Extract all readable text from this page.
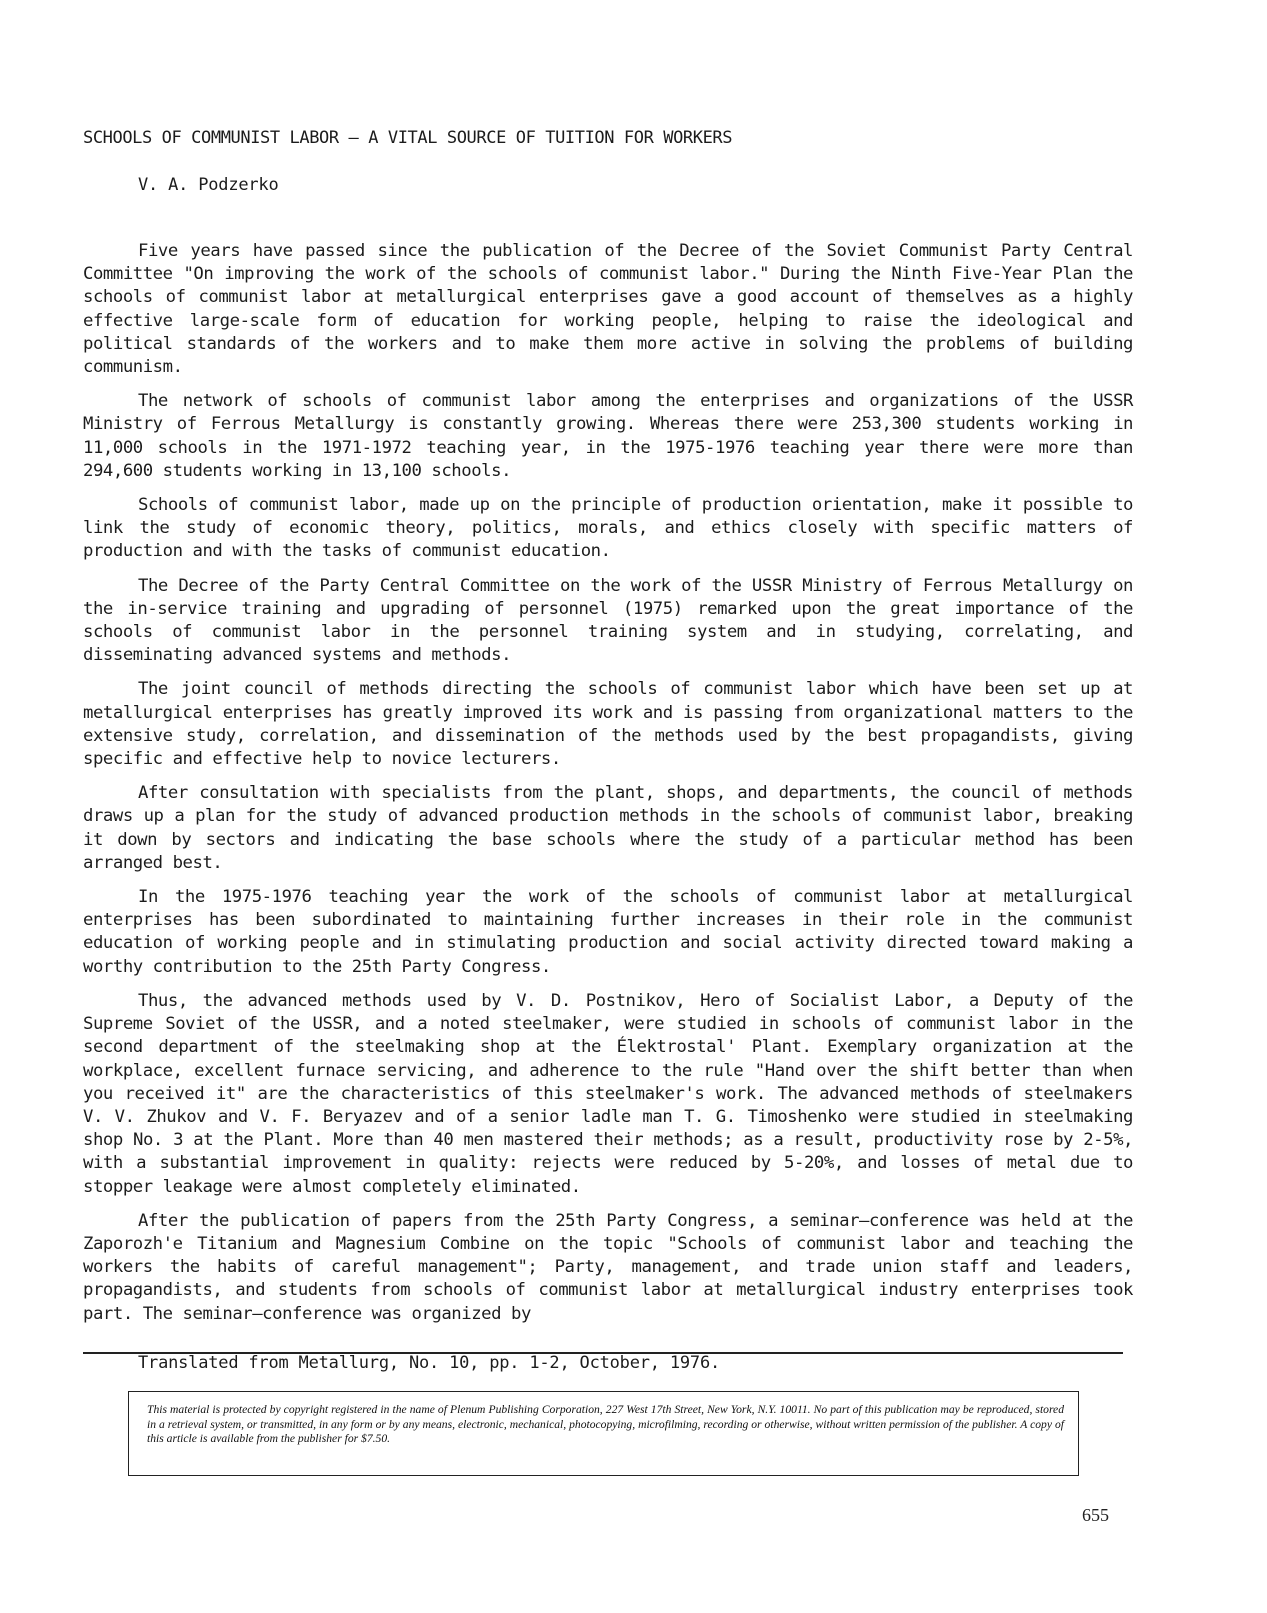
SCHOOLS OF COMMUNIST LABOR — A VITAL SOURCE OF TUITION FOR WORKERS
V. A. Podzerko

Five years have passed since the publication of the Decree of the Soviet Communist Party Central Committee "On improving the work of the schools of communist labor." During the Ninth Five-Year Plan the schools of communist labor at metallurgical enterprises gave a good account of themselves as a highly effective large-scale form of education for working people, helping to raise the ideological and political standards of the workers and to make them more active in solving the problems of building communism.

The network of schools of communist labor among the enterprises and organizations of the USSR Ministry of Ferrous Metallurgy is constantly growing. Whereas there were 253,300 students working in 11,000 schools in the 1971-1972 teaching year, in the 1975-1976 teaching year there were more than 294,600 students working in 13,100 schools.

Schools of communist labor, made up on the principle of production orientation, make it possible to link the study of economic theory, politics, morals, and ethics closely with specific matters of production and with the tasks of communist education.

The Decree of the Party Central Committee on the work of the USSR Ministry of Ferrous Metallurgy on the in-service training and upgrading of personnel (1975) remarked upon the great importance of the schools of communist labor in the personnel training system and in studying, correlating, and disseminating advanced systems and methods.

The joint council of methods directing the schools of communist labor which have been set up at metallurgical enterprises has greatly improved its work and is passing from organizational matters to the extensive study, correlation, and dissemination of the methods used by the best propagandists, giving specific and effective help to novice lecturers.

After consultation with specialists from the plant, shops, and departments, the council of methods draws up a plan for the study of advanced production methods in the schools of communist labor, breaking it down by sectors and indicating the base schools where the study of a particular method has been arranged best.

In the 1975-1976 teaching year the work of the schools of communist labor at metallurgical enterprises has been subordinated to maintaining further increases in their role in the communist education of working people and in stimulating production and social activity directed toward making a worthy contribution to the 25th Party Congress.

Thus, the advanced methods used by V. D. Postnikov, Hero of Socialist Labor, a Deputy of the Supreme Soviet of the USSR, and a noted steelmaker, were studied in schools of communist labor in the second department of the steelmaking shop at the Élektrostal' Plant. Exemplary organization at the workplace, excellent furnace servicing, and adherence to the rule "Hand over the shift better than when you received it" are the characteristics of this steelmaker's work. The advanced methods of steelmakers V. V. Zhukov and V. F. Beryazev and of a senior ladle man T. G. Timoshenko were studied in steelmaking shop No. 3 at the Plant. More than 40 men mastered their methods; as a result, productivity rose by 2-5%, with a substantial improvement in quality: rejects were reduced by 5-20%, and losses of metal due to stopper leakage were almost completely eliminated.

After the publication of papers from the 25th Party Congress, a seminar—conference was held at the Zaporozh'e Titanium and Magnesium Combine on the topic "Schools of communist labor and teaching the workers the habits of careful management"; Party, management, and trade union staff and leaders, propagandists, and students from schools of communist labor at metallurgical industry enterprises took part. The seminar—conference was organized by

Translated from Metallurg, No. 10, pp. 1-2, October, 1976.
This material is protected by copyright registered in the name of Plenum Publishing Corporation, 227 West 17th Street, New York, N.Y. 10011. No part of this publication may be reproduced, stored in a retrieval system, or transmitted, in any form or by any means, electronic, mechanical, photocopying, microfilming, recording or otherwise, without written permission of the publisher. A copy of this article is available from the publisher for $7.50.
655
